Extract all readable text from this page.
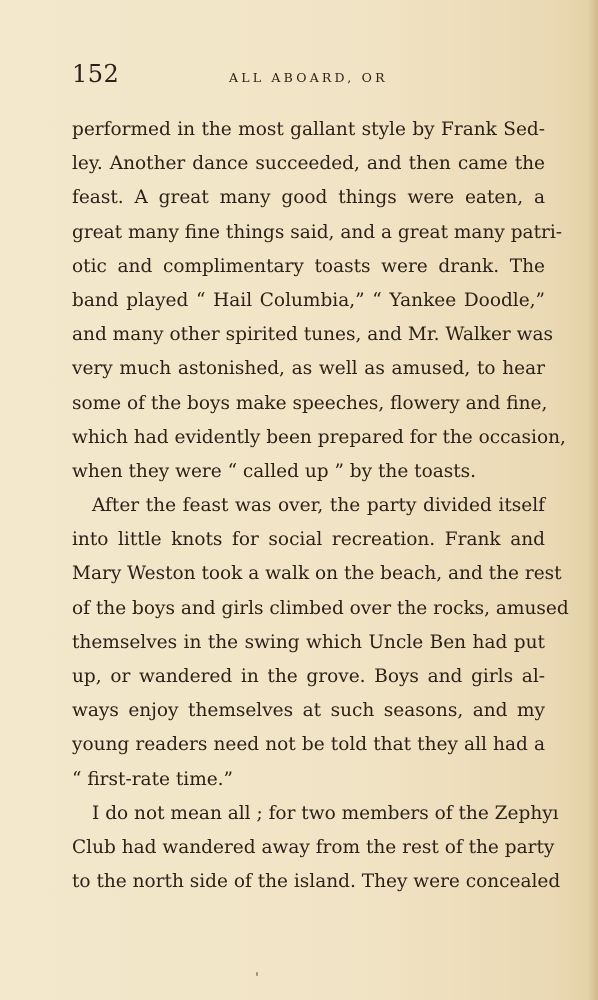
152	ALL ABOARD, OR
performed in the most gallant style by Frank Sed-
ley. Another dance succeeded, and then came the
feast. A great many good things were eaten, a
great many fine things said, and a great many patri-
otic and complimentary toasts were drank. The
band played “ Hail Columbia,” “ Yankee Doodle,”
and many other spirited tunes, and Mr. Walker was
very much astonished, as well as amused, to hear
some of the boys make speeches, flowery and fine,
which had evidently been prepared for the occasion,
when they were “ called up ” by the toasts.
After the feast was over, the party divided itself
into little knots for social recreation. Frank and
Mary Weston took a walk on the beach, and the rest
of the boys and girls climbed over the rocks, amused
themselves in the swing which Uncle Ben had put
up, or wandered in the grove. Boys and girls al-
ways enjoy themselves at such seasons, and my
young readers need not be told that they all had a
“ first-rate time.”
I do not mean all ; for two members of the Zephyı
Club had wandered away from the rest of the party
to the north side of the island. They were concealed
